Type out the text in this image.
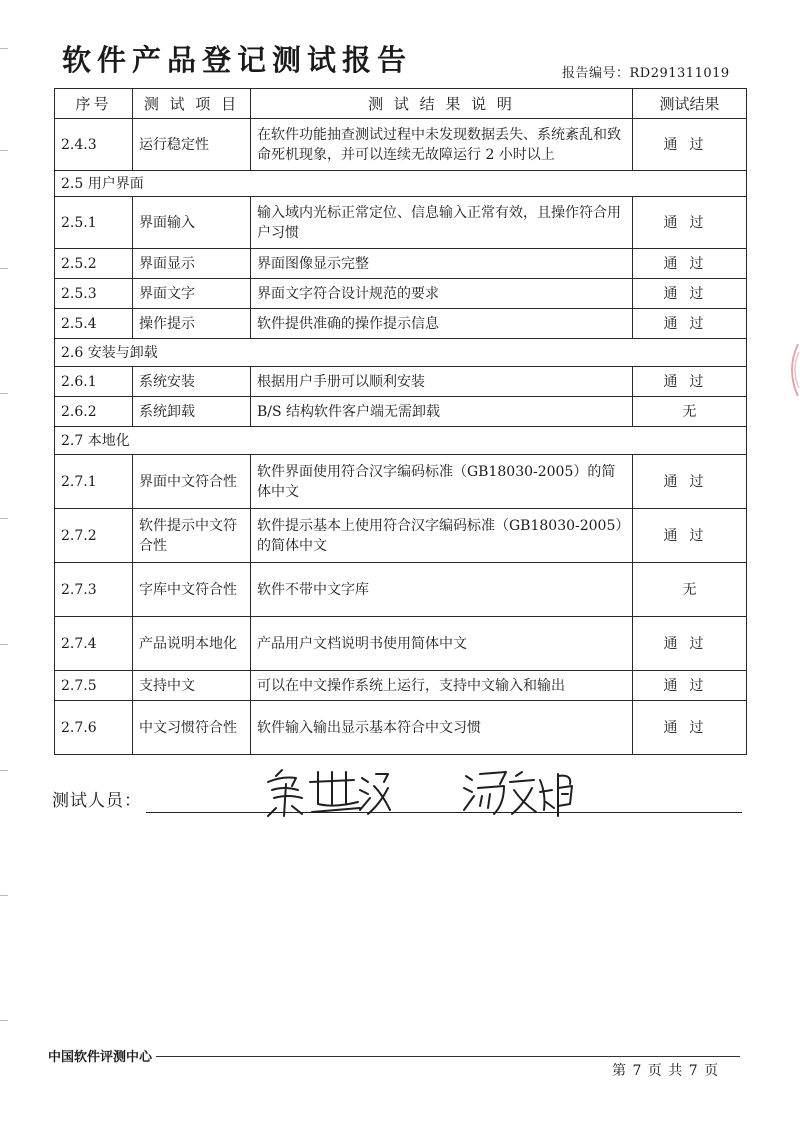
软件产品登记测试报告	报告编号：RD291311019
序号	测 试 项 目	测 试 结 果 说 明	测试结果
2.4.3	运行稳定性	在软件功能抽查测试过程中未发现数据丢失、系统紊乱和致命死机现象，并可以连续无故障运行 2 小时以上	通过
2.5 用户界面			
2.5.1	界面输入	输入域内光标正常定位、信息输入正常有效，且操作符合用户习惯	通过
2.5.2	界面显示	界面图像显示完整	通过
2.5.3	界面文字	界面文字符合设计规范的要求	通过
2.5.4	操作提示	软件提供准确的操作提示信息	通过
2.6 安装与卸载			
2.6.1	系统安装	根据用户手册可以顺利安装	通过
2.6.2	系统卸载	B/S 结构软件客户端无需卸载	无
2.7 本地化			
2.7.1	界面中文符合性	软件界面使用符合汉字编码标准（GB18030-2005）的简体中文	通过
2.7.2	软件提示中文符合性	软件提示基本上使用符合汉字编码标准（GB18030-2005）的简体中文	通过
2.7.3	字库中文符合性	软件不带中文字库	无
2.7.4	产品说明本地化	产品用户文档说明书使用简体中文	通过
2.7.5	支持中文	可以在中文操作系统上运行，支持中文输入和输出	通过
2.7.6	中文习惯符合性	软件输入输出显示基本符合中文习惯	通过
测试人员：
中国软件评测中心
第 7 页 共 7 页
